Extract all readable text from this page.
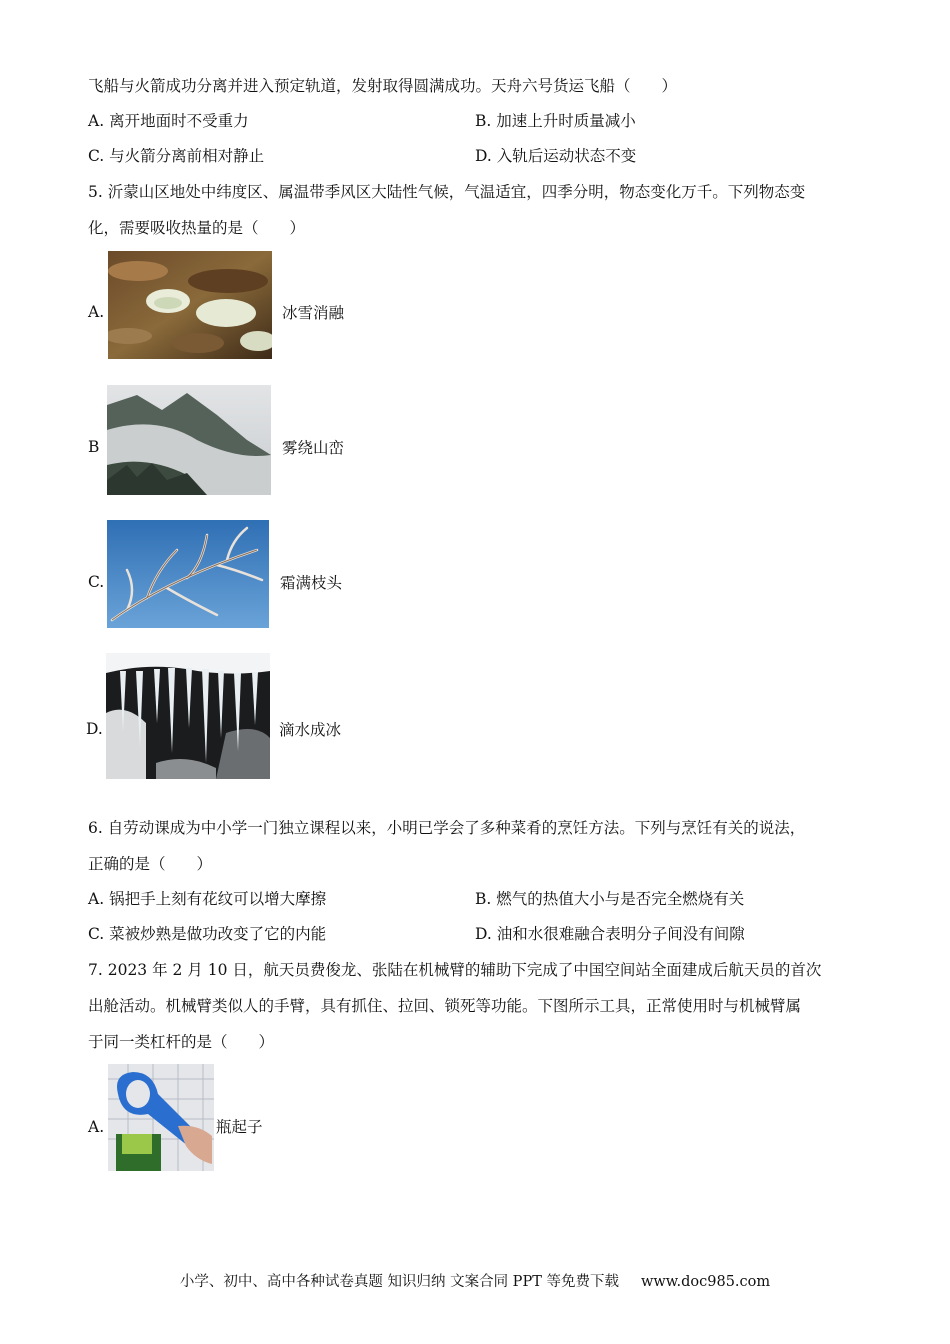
飞船与火箭成功分离并进入预定轨道，发射取得圆满成功。天舟六号货运飞船（　　）
A. 离开地面时不受重力	B. 加速上升时质量减小
C. 与火箭分离前相对静止	D. 入轨后运动状态不变
5. 沂蒙山区地处中纬度区、属温带季风区大陆性气候，气温适宜，四季分明，物态变化万千。下列物态变
化，需要吸收热量的是（　　）
A.	冰雪消融
B	雾绕山峦
C.	霜满枝头
D.	滴水成冰
6. 自劳动课成为中小学一门独立课程以来，小明已学会了多种菜肴的烹饪方法。下列与烹饪有关的说法，
正确的是（　　）
A. 锅把手上刻有花纹可以增大摩擦	B. 燃气的热值大小与是否完全燃烧有关
C. 菜被炒熟是做功改变了它的内能	D. 油和水很难融合表明分子间没有间隙
7. 2023 年 2 月 10 日，航天员费俊龙、张陆在机械臂的辅助下完成了中国空间站全面建成后航天员的首次
出舱活动。机械臂类似人的手臂，具有抓住、拉回、锁死等功能。下图所示工具，正常使用时与机械臂属
于同一类杠杆的是（　　）
A.	瓶起子
小学、初中、高中各种试卷真题 知识归纳 文案合同 PPT 等免费下载 www.doc985.com
